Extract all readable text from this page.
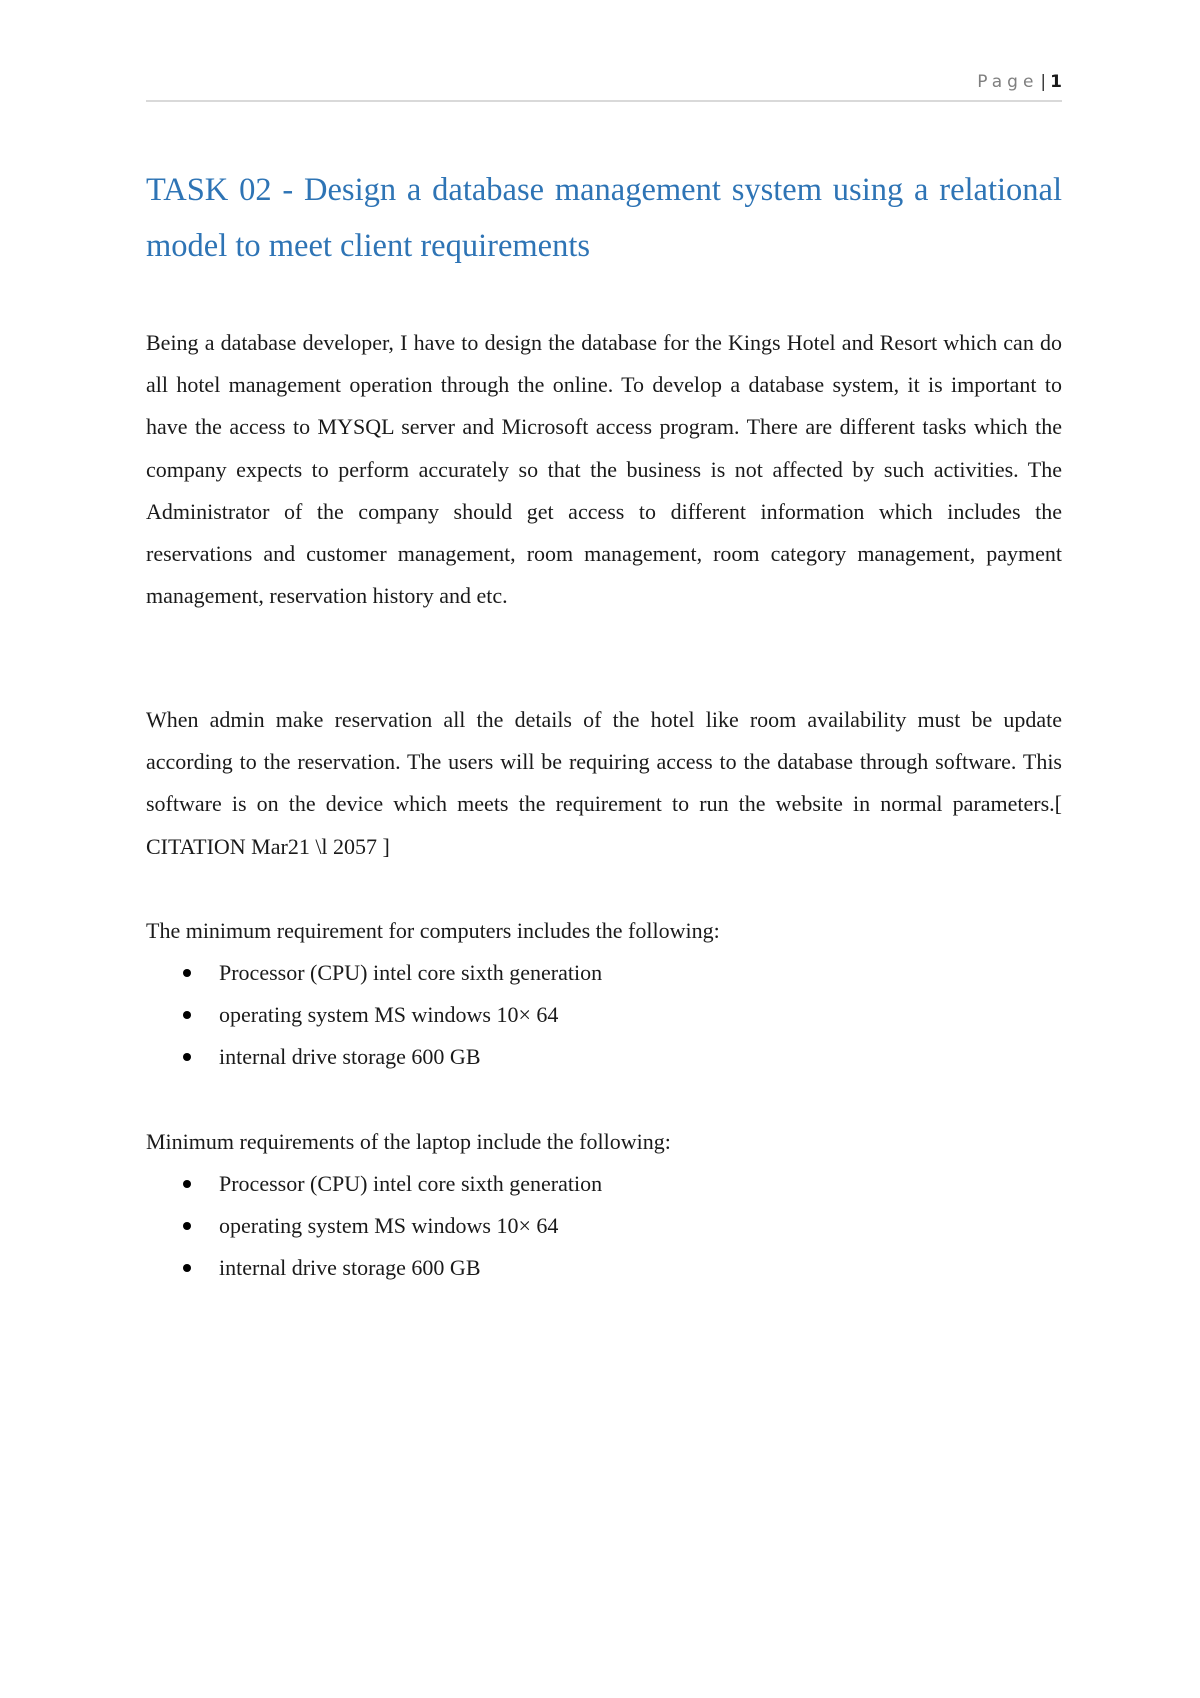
Page | 1
TASK 02 - Design a database management system using a relational model to meet client requirements

Being a database developer, I have to design the database for the Kings Hotel and Resort which can do all hotel management operation through the online. To develop a database system, it is important to have the access to MYSQL server and Microsoft access program. There are different tasks which the company expects to perform accurately so that the business is not affected by such activities. The Administrator of the company should get access to different information which includes the reservations and customer management, room management, room category management, payment management, reservation history and etc.

When admin make reservation all the details of the hotel like room availability must be update according to the reservation. The users will be requiring access to the database through software. This software is on the device which meets the requirement to run the website in normal parameters.[ CITATION Mar21 \l 2057 ]

The minimum requirement for computers includes the following:

Processor (CPU) intel core sixth generation
operating system MS windows 10× 64
internal drive storage 600 GB

Minimum requirements of the laptop include the following:

Processor (CPU) intel core sixth generation
operating system MS windows 10× 64
internal drive storage 600 GB
